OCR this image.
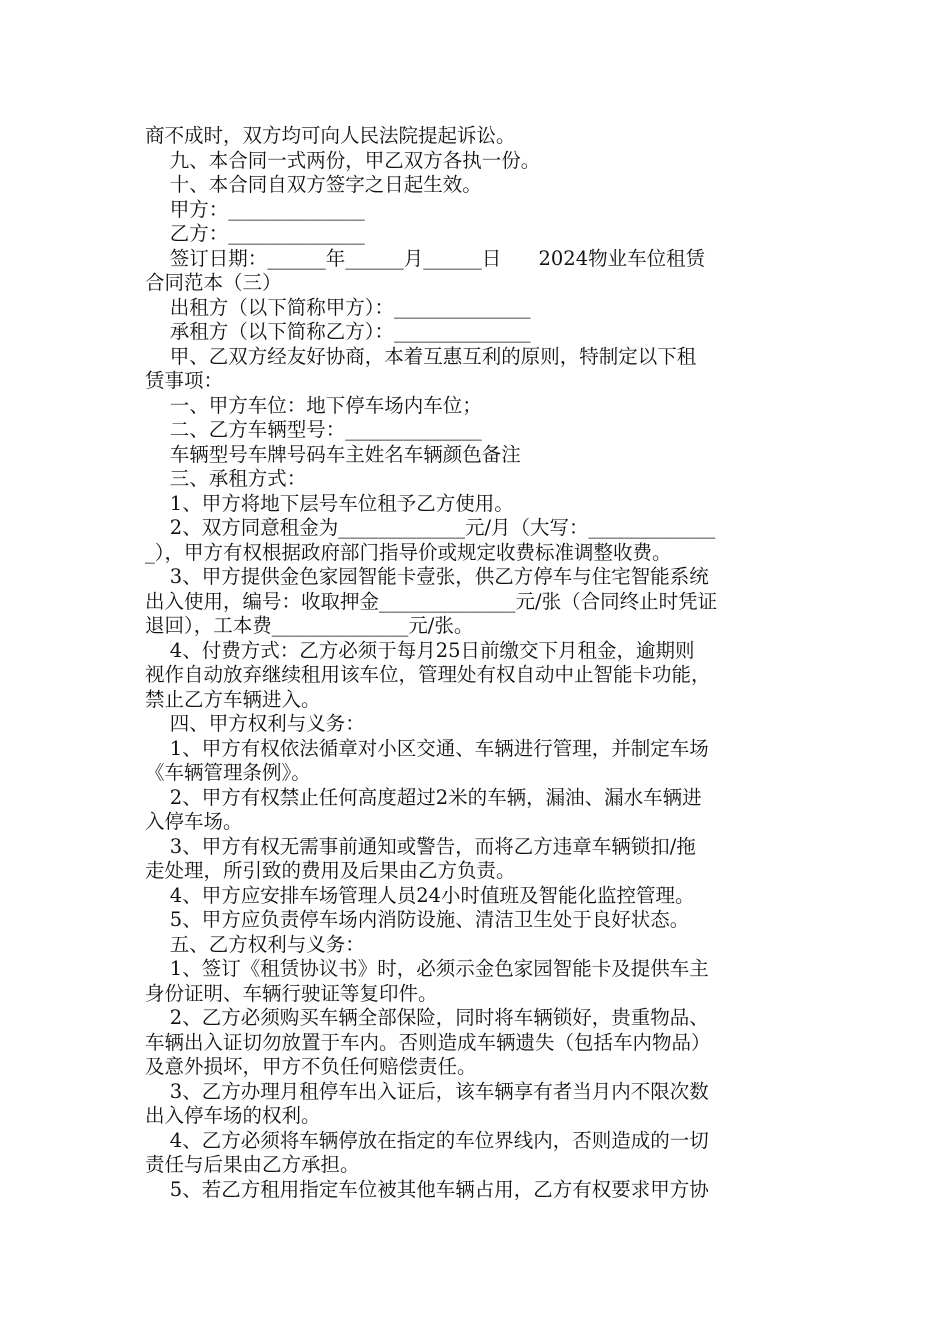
商不成时，双方均可向人民法院提起诉讼。
九、本合同一式两份，甲乙双方各执一份。
十、本合同自双方签字之日起生效。
甲方：______________
乙方：______________
签订日期：______年______月______日      2024物业车位租赁
合同范本（三）
出租方（以下简称甲方）：______________
承租方（以下简称乙方）：______________
甲、乙双方经友好协商，本着互惠互利的原则，特制定以下租
赁事项：
一、甲方车位：地下停车场内车位；
二、乙方车辆型号：______________
车辆型号车牌号码车主姓名车辆颜色备注
三、承租方式：
1、甲方将地下层号车位租予乙方使用。
2、双方同意租金为_____________元/月（大写：_____________
_），甲方有权根据政府部门指导价或规定收费标准调整收费。
3、甲方提供金色家园智能卡壹张，供乙方停车与住宅智能系统
出入使用，编号：收取押金______________元/张（合同终止时凭证
退回），工本费______________元/张。
4、付费方式：乙方必须于每月25日前缴交下月租金，逾期则
视作自动放弃继续租用该车位，管理处有权自动中止智能卡功能，
禁止乙方车辆进入。
四、甲方权利与义务：
1、甲方有权依法循章对小区交通、车辆进行管理，并制定车场
《车辆管理条例》。
2、甲方有权禁止任何高度超过2米的车辆，漏油、漏水车辆进
入停车场。
3、甲方有权无需事前通知或警告，而将乙方违章车辆锁扣/拖
走处理，所引致的费用及后果由乙方负责。
4、甲方应安排车场管理人员24小时值班及智能化监控管理。
5、甲方应负责停车场内消防设施、清洁卫生处于良好状态。
五、乙方权利与义务：
1、签订《租赁协议书》时，必须示金色家园智能卡及提供车主
身份证明、车辆行驶证等复印件。
2、乙方必须购买车辆全部保险，同时将车辆锁好，贵重物品、
车辆出入证切勿放置于车内。否则造成车辆遗失（包括车内物品）
及意外损坏，甲方不负任何赔偿责任。
3、乙方办理月租停车出入证后，该车辆享有者当月内不限次数
出入停车场的权利。
4、乙方必须将车辆停放在指定的车位界线内，否则造成的一切
责任与后果由乙方承担。
5、若乙方租用指定车位被其他车辆占用，乙方有权要求甲方协
